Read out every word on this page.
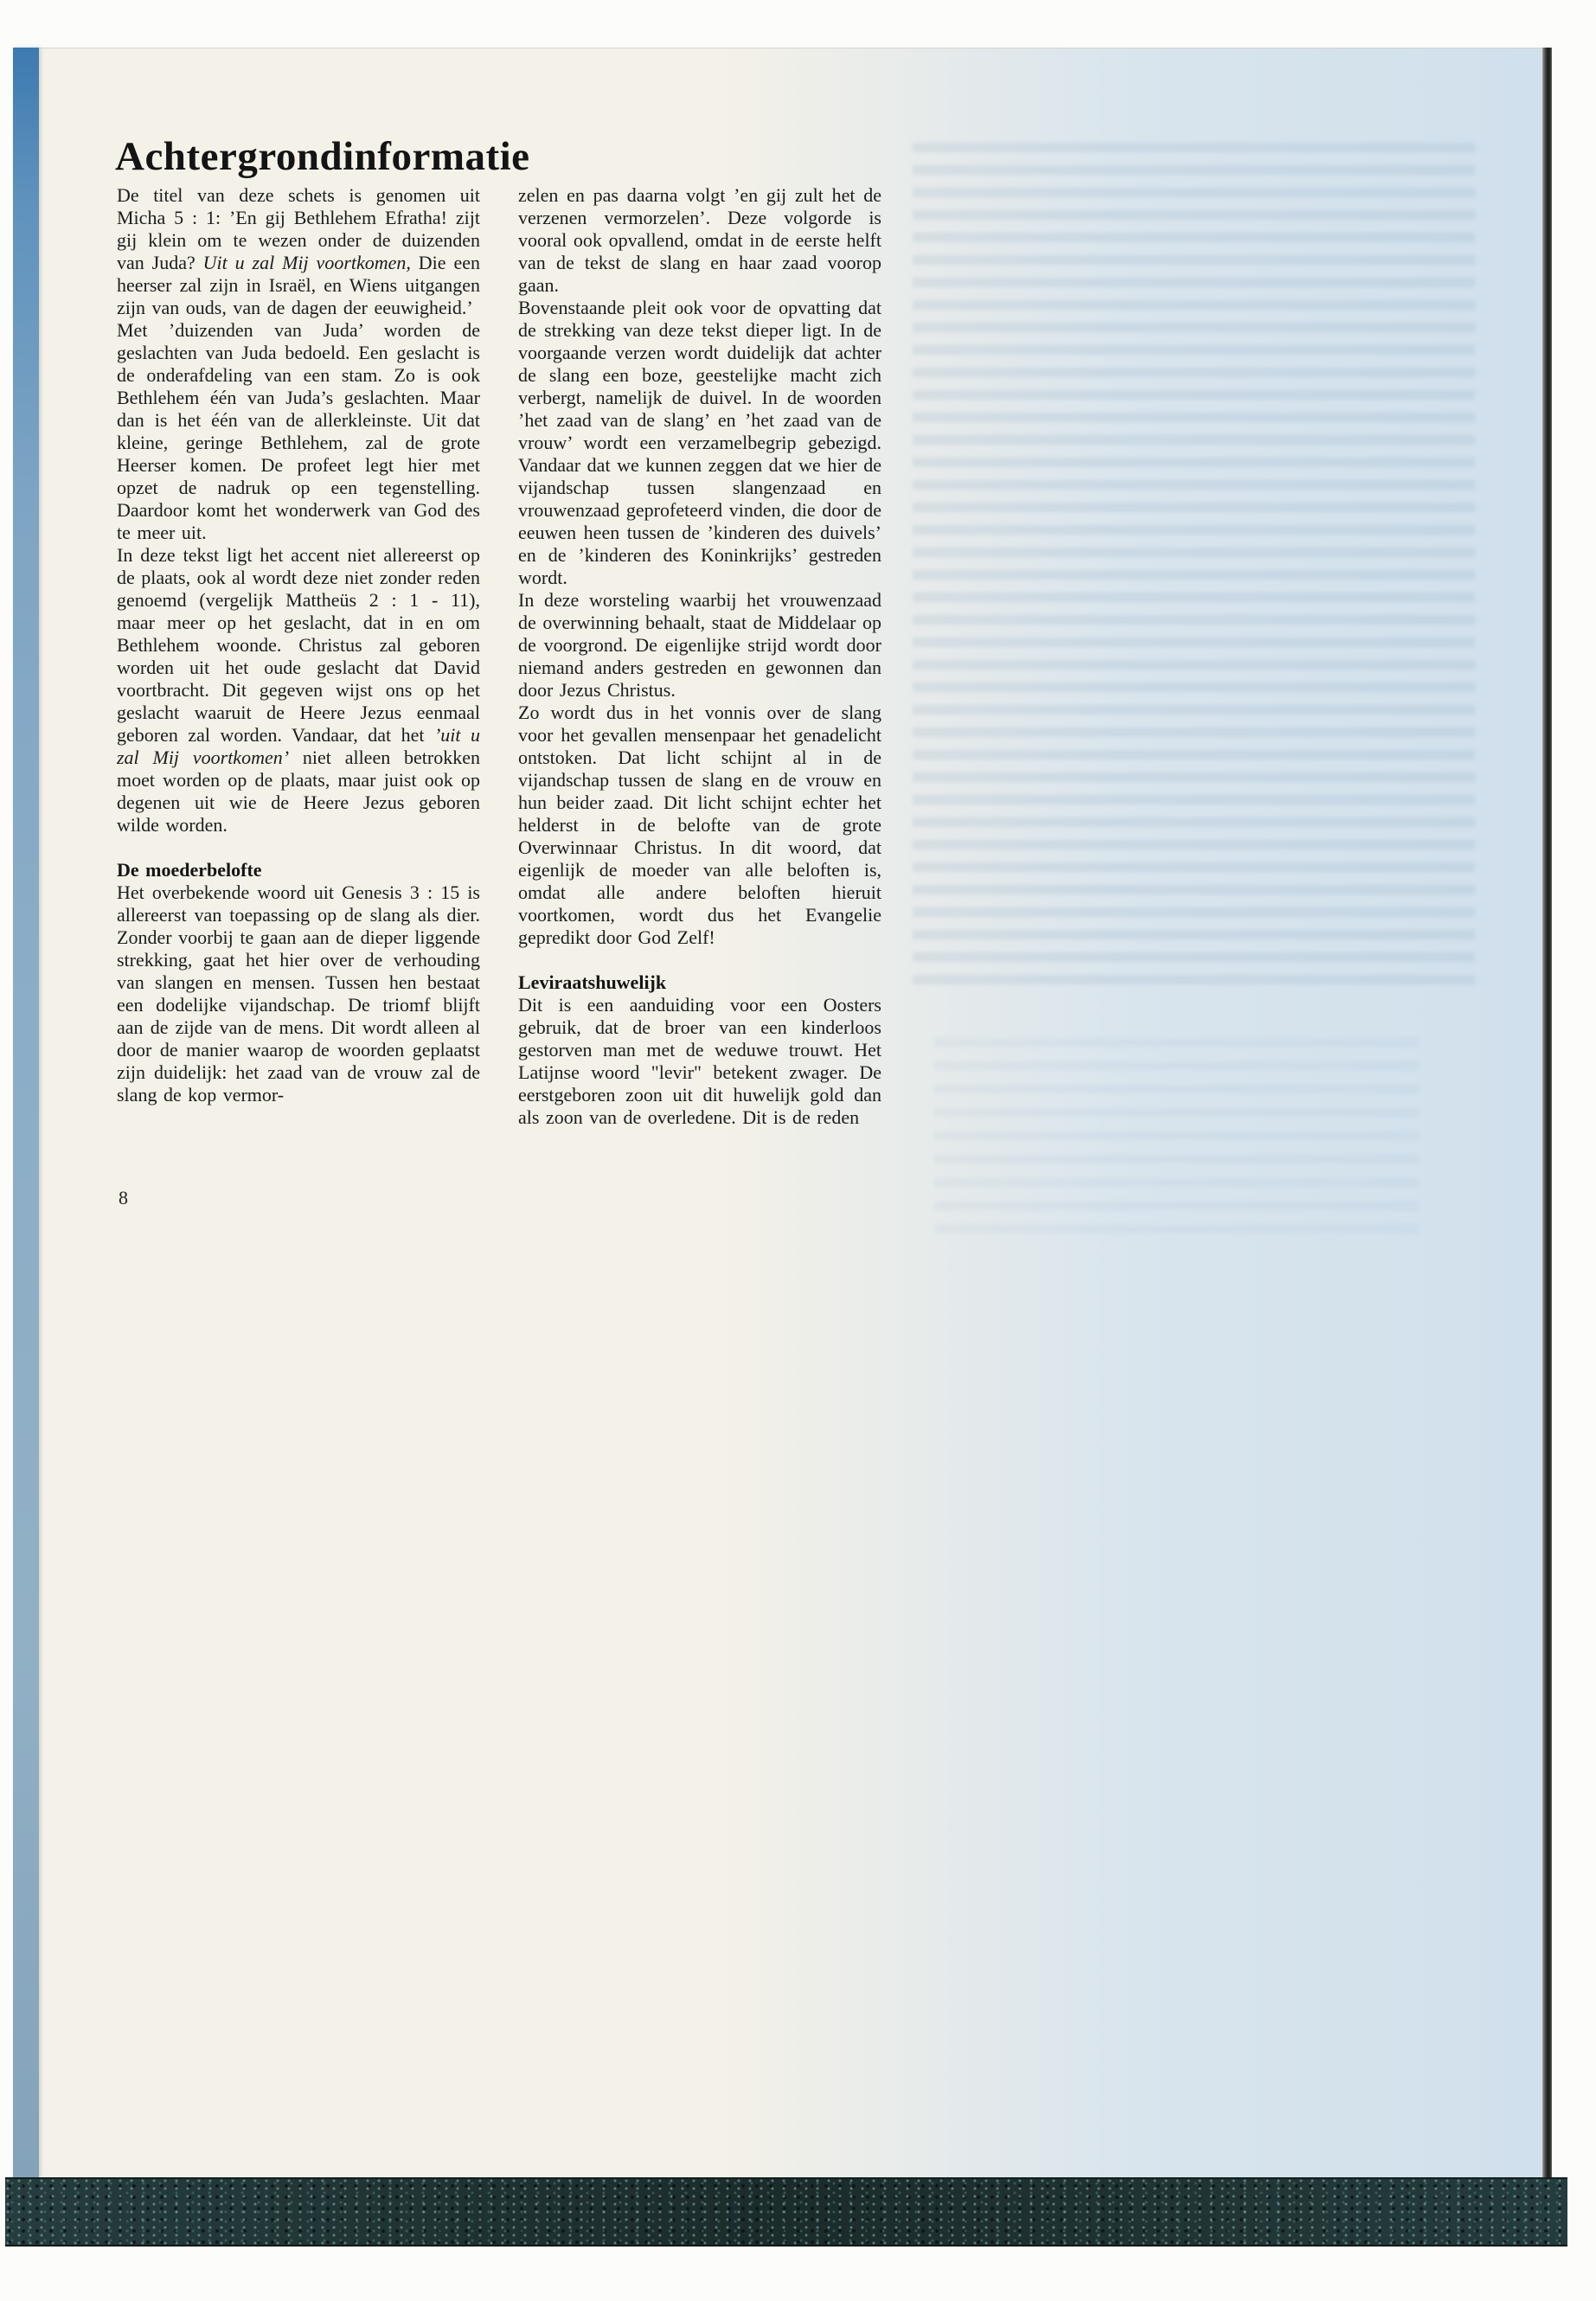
Achtergrondinformatie

De titel van deze schets is genomen uit Micha 5 : 1: ’En gij Bethlehem Efratha! zijt gij klein om te wezen onder de duizenden van Juda? Uit u zal Mij voortkomen, Die een heerser zal zijn in Israël, en Wiens uitgangen zijn van ouds, van de dagen der eeuwigheid.’

Met ’duizenden van Juda’ worden de geslachten van Juda bedoeld. Een geslacht is de onderafdeling van een stam. Zo is ook Bethlehem één van Juda’s geslachten. Maar dan is het één van de allerkleinste. Uit dat kleine, geringe Bethlehem, zal de grote Heerser komen. De profeet legt hier met opzet de nadruk op een tegenstelling. Daardoor komt het wonderwerk van God des te meer uit.

In deze tekst ligt het accent niet allereerst op de plaats, ook al wordt deze niet zonder reden genoemd (vergelijk Mattheüs 2 : 1 - 11), maar meer op het geslacht, dat in en om Bethlehem woonde. Christus zal geboren worden uit het oude geslacht dat David voortbracht. Dit gegeven wijst ons op het geslacht waaruit de Heere Jezus eenmaal geboren zal worden. Vandaar, dat het ’uit u zal Mij voortkomen’ niet alleen betrokken moet worden op de plaats, maar juist ook op degenen uit wie de Heere Jezus geboren wilde worden.

De moederbelofte

Het overbekende woord uit Genesis 3 : 15 is allereerst van toepassing op de slang als dier. Zonder voorbij te gaan aan de dieper liggende strekking, gaat het hier over de verhouding van slangen en mensen. Tussen hen bestaat een dodelijke vijandschap. De triomf blijft aan de zijde van de mens. Dit wordt alleen al door de manier waarop de woorden geplaatst zijn duidelijk: het zaad van de vrouw zal de slang de kop vermor-

zelen en pas daarna volgt ’en gij zult het de verzenen vermorzelen’. Deze volgorde is vooral ook opvallend, omdat in de eerste helft van de tekst de slang en haar zaad voorop gaan.

Bovenstaande pleit ook voor de opvatting dat de strekking van deze tekst dieper ligt. In de voorgaande verzen wordt duidelijk dat achter de slang een boze, geestelijke macht zich verbergt, namelijk de duivel. In de woorden ’het zaad van de slang’ en ’het zaad van de vrouw’ wordt een verzamelbegrip gebezigd. Vandaar dat we kunnen zeggen dat we hier de vijandschap tussen slangenzaad en vrouwenzaad geprofeteerd vinden, die door de eeuwen heen tussen de ’kinderen des duivels’ en de ’kinderen des Koninkrijks’ gestreden wordt.

In deze worsteling waarbij het vrouwenzaad de overwinning behaalt, staat de Middelaar op de voorgrond. De eigenlijke strijd wordt door niemand anders gestreden en gewonnen dan door Jezus Christus.

Zo wordt dus in het vonnis over de slang voor het gevallen mensenpaar het genadelicht ontstoken. Dat licht schijnt al in de vijandschap tussen de slang en de vrouw en hun beider zaad. Dit licht schijnt echter het helderst in de belofte van de grote Overwinnaar Christus. In dit woord, dat eigenlijk de moeder van alle beloften is, omdat alle andere beloften hieruit voortkomen, wordt dus het Evangelie gepredikt door God Zelf!

Leviraatshuwelijk

Dit is een aanduiding voor een Oosters gebruik, dat de broer van een kinderloos gestorven man met de weduwe trouwt. Het Latijnse woord "levir" betekent zwager. De eerstgeboren zoon uit dit huwelijk gold dan als zoon van de overledene. Dit is de reden

8
